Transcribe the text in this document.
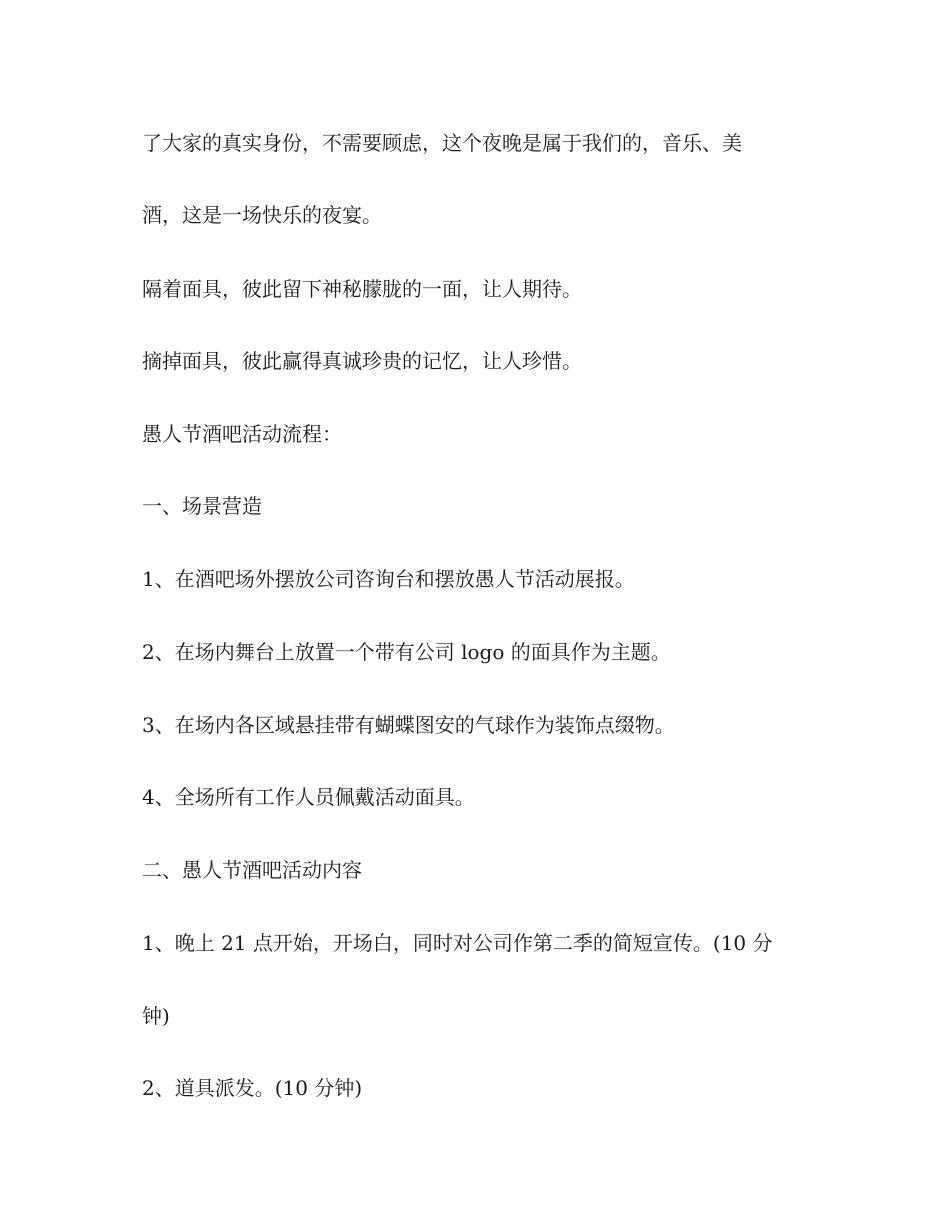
了大家的真实身份，不需要顾虑，这个夜晚是属于我们的，音乐、美

酒，这是一场快乐的夜宴。

隔着面具，彼此留下神秘朦胧的一面，让人期待。

摘掉面具，彼此赢得真诚珍贵的记忆，让人珍惜。

愚人节酒吧活动流程：

一、场景营造

1、在酒吧场外摆放公司咨询台和摆放愚人节活动展报。

2、在场内舞台上放置一个带有公司 logo 的面具作为主题。

3、在场内各区域悬挂带有蝴蝶图安的气球作为装饰点缀物。

4、全场所有工作人员佩戴活动面具。

二、愚人节酒吧活动内容

1、晚上 21 点开始，开场白，同时对公司作第二季的简短宣传。(10 分

钟)

2、道具派发。(10 分钟)
